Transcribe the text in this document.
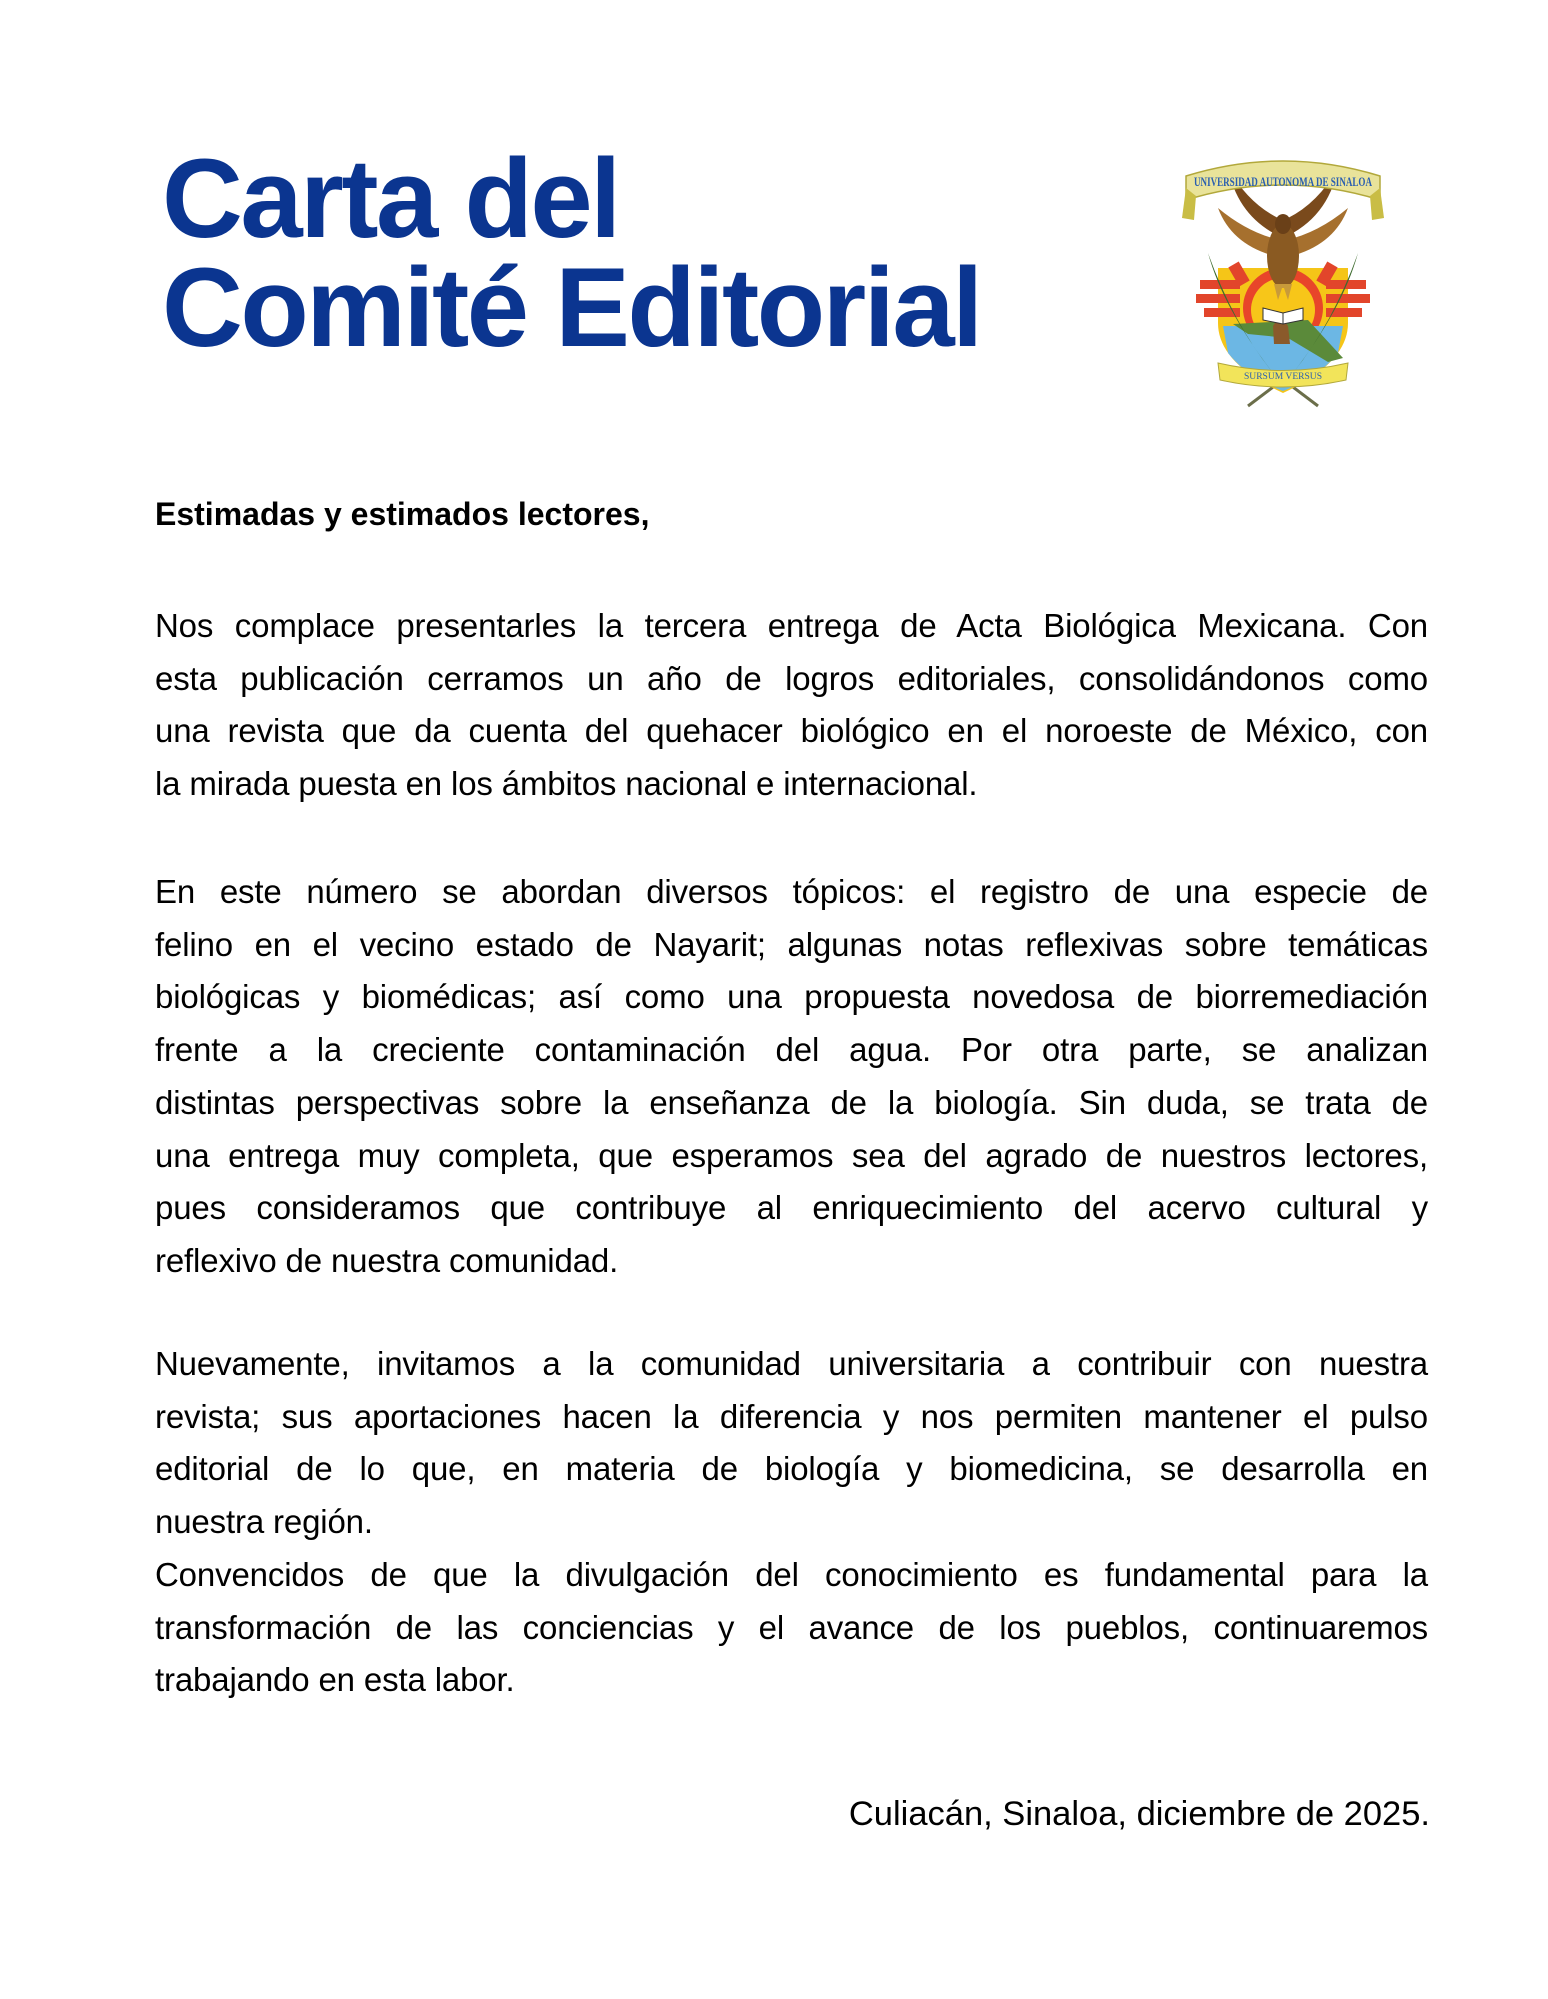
Carta del
Comité Editorial
UNIVERSIDAD AUTONOMA DE SINALOA
SURSUM VERSUS

Estimadas y estimados lectores,

Nos complace presentarles la tercera entrega de Acta Biológica Mexicana. Con
esta publicación cerramos un año de logros editoriales, consolidándonos como
una revista que da cuenta del quehacer biológico en el noroeste de México, con
la mirada puesta en los ámbitos nacional e internacional.
En este número se abordan diversos tópicos: el registro de una especie de
felino en el vecino estado de Nayarit; algunas notas reflexivas sobre temáticas
biológicas y biomédicas; así como una propuesta novedosa de biorremediación
frente a la creciente contaminación del agua. Por otra parte, se analizan
distintas perspectivas sobre la enseñanza de la biología. Sin duda, se trata de
una entrega muy completa, que esperamos sea del agrado de nuestros lectores,
pues consideramos que contribuye al enriquecimiento del acervo cultural y
reflexivo de nuestra comunidad.
Nuevamente, invitamos a la comunidad universitaria a contribuir con nuestra
revista; sus aportaciones hacen la diferencia y nos permiten mantener el pulso
editorial de lo que, en materia de biología y biomedicina, se desarrolla en
nuestra región.
Convencidos de que la divulgación del conocimiento es fundamental para la
transformación de las conciencias y el avance de los pueblos, continuaremos
trabajando en esta labor.

Culiacán, Sinaloa, diciembre de 2025.
